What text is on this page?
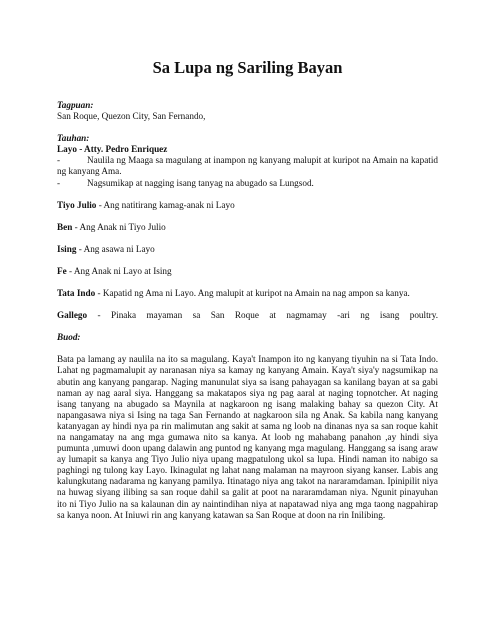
Sa Lupa ng Sariling Bayan
Tagpuan:
San Roque, Quezon City, San Fernando,
Tauhan:
Layo - Atty. Pedro Enriquez
-	Naulila ng Maaga sa magulang at inampon ng kanyang malupit at kuripot na Amain na kapatid ng kanyang Ama.
-	Nagsumikap at nagging isang tanyag na abugado sa Lungsod.
Tiyo Julio - Ang natitirang kamag-anak ni Layo
Ben - Ang Anak ni Tiyo Julio
Ising - Ang asawa ni Layo
Fe - Ang Anak ni Layo at Ising
Tata Indo - Kapatid ng Ama ni Layo. Ang malupit at kuripot na Amain na nag ampon sa kanya.
Gallego - Pinaka mayaman sa San Roque at nagmamay -ari ng isang poultry.
Buod:
Bata pa lamang ay naulila na ito sa magulang. Kaya't Inampon ito ng kanyang tiyuhin na si Tata Indo. Lahat ng pagmamalupit ay naranasan niya sa kamay ng kanyang Amain. Kaya't siya'y nagsumikap na abutin ang kanyang pangarap. Naging manunulat siya sa isang pahayagan sa kanilang bayan at sa gabi naman ay nag aaral siya. Hanggang sa makatapos siya ng pag aaral at naging topnotcher. At naging isang tanyang na abugado sa Maynila at nagkaroon ng isang malaking bahay sa quezon City. At napangasawa niya si Ising na taga San Fernando at nagkaroon sila ng Anak. Sa kabila nang kanyang katanyagan ay hindi nya pa rin malimutan ang sakit at sama ng loob na dinanas nya sa san roque kahit na nangamatay na ang mga gumawa nito sa kanya. At loob ng mahabang panahon ,ay hindi siya pumunta ,umuwi doon upang dalawin ang puntod ng kanyang mga magulang. Hanggang sa isang araw ay lumapit sa kanya ang Tiyo Julio niya upang magpatulong ukol sa lupa. Hindi naman ito nabigo sa paghingi ng tulong kay Layo. Ikinagulat ng lahat nang malaman na mayroon siyang kanser. Labis ang kalungkutang nadarama ng kanyang pamilya. Itinatago niya ang takot na nararamdaman. Ipinipilit niya na huwag siyang ilibing sa san roque dahil sa galit at poot na nararamdaman niya. Ngunit pinayuhan ito ni Tiyo Julio na sa kalaunan din ay naintindihan niya at napatawad niya ang mga taong nagpahirap sa kanya noon. At Iniuwi rin ang kanyang katawan sa San Roque at doon na rin Inilibing.
